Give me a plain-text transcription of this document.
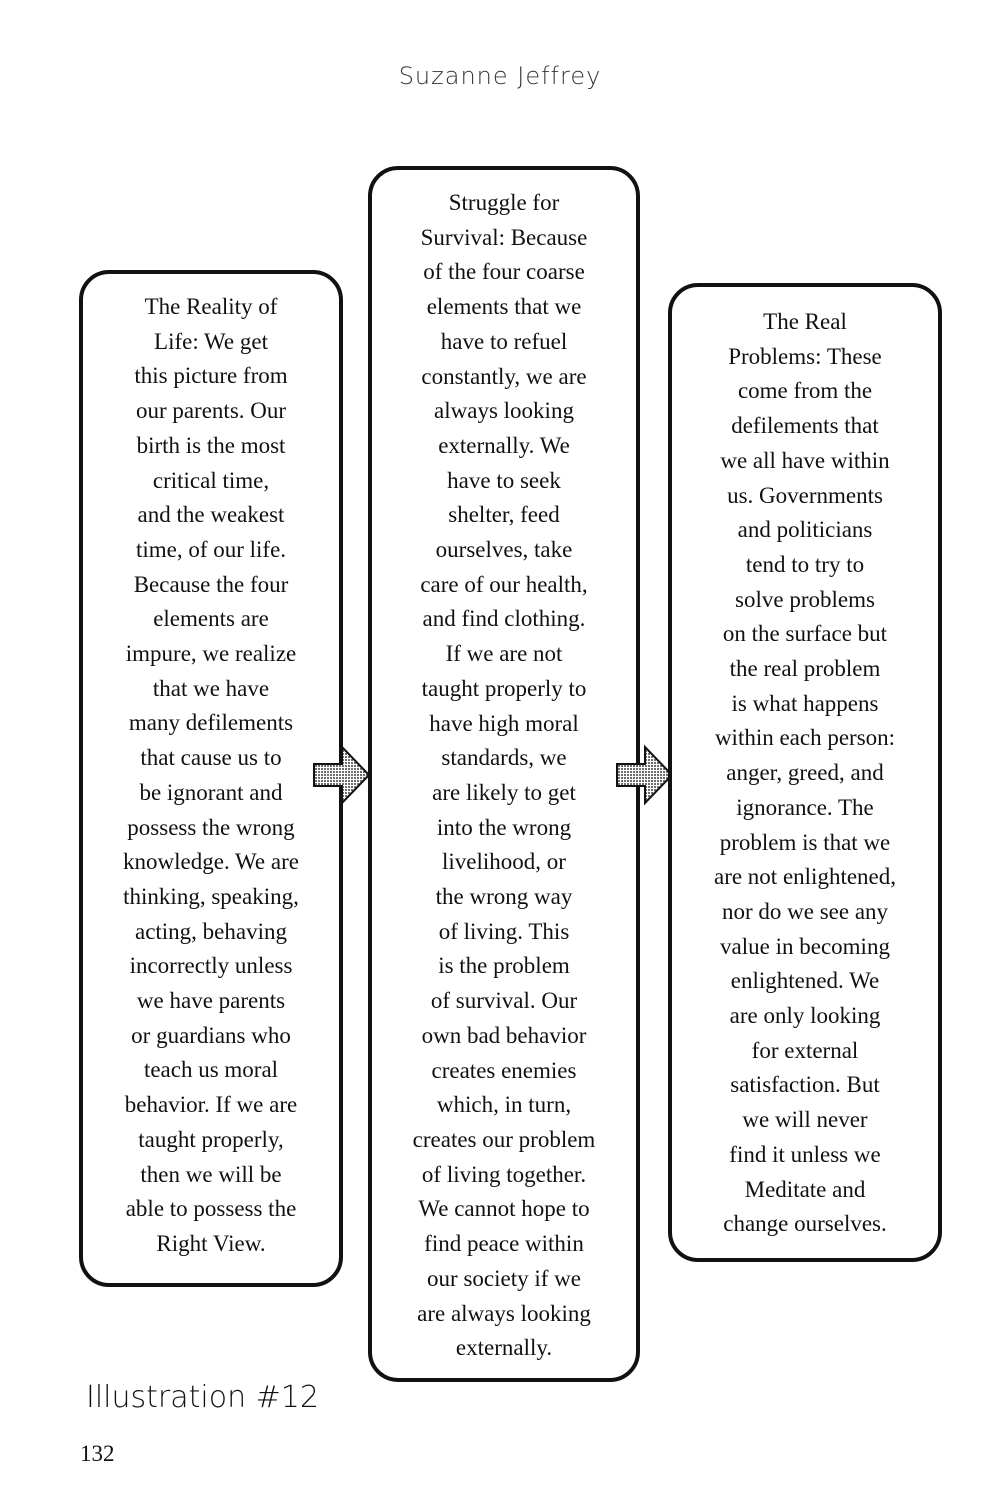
Suzanne Jeffrey
The Reality of
Life: We get
this picture from
our parents. Our
birth is the most
critical time,
and the weakest
time, of our life.
Because the four
elements are
impure, we realize
that we have
many defilements
that cause us to
be ignorant and
possess the wrong
knowledge. We are
thinking, speaking,
acting, behaving
incorrectly unless
we have parents
or guardians who
teach us moral
behavior. If we are
taught properly,
then we will be
able to possess the
Right View.
Struggle for
Survival: Because
of the four coarse
elements that we
have to refuel
constantly, we are
always looking
externally. We
have to seek
shelter, feed
ourselves, take
care of our health,
and find clothing.
If we are not
taught properly to
have high moral
standards, we
are likely to get
into the wrong
livelihood, or
the wrong way
of living. This
is the problem
of survival. Our
own bad behavior
creates enemies
which, in turn,
creates our problem
of living together.
We cannot hope to
find peace within
our society if we
are always looking
externally.
The Real
Problems: These
come from the
defilements that
we all have within
us. Governments
and politicians
tend to try to
solve problems
on the surface but
the real problem
is what happens
within each person:
anger, greed, and
ignorance. The
problem is that we
are not enlightened,
nor do we see any
value in becoming
enlightened. We
are only looking
for external
satisfaction. But
we will never
find it unless we
Meditate and
change ourselves.
Illustration #12
132
